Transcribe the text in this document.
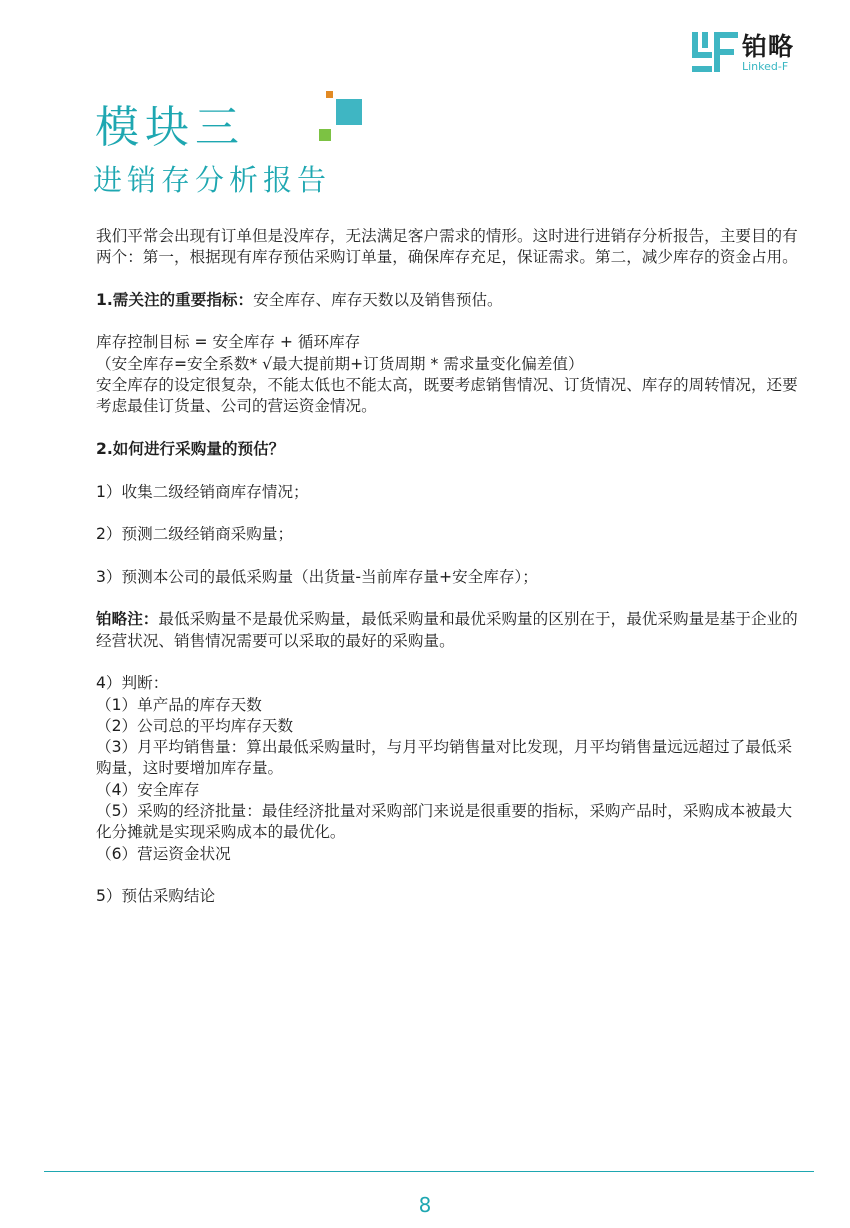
铂略
Linked-F
模块三
进销存分析报告

我们平常会出现有订单但是没库存，无法满足客户需求的情形。这时进行进销存分析报告，主要目的有两个：第一，根据现有库存预估采购订单量，确保库存充足，保证需求。第二，减少库存的资金占用。

1.需关注的重要指标：安全库存、库存天数以及销售预估。

库存控制目标 = 安全库存 + 循环库存

（安全库存=安全系数* √最大提前期+订货周期 * 需求量变化偏差值）

安全库存的设定很复杂，不能太低也不能太高，既要考虑销售情况、订货情况、库存的周转情况，还要考虑最佳订货量、公司的营运资金情况。

2.如何进行采购量的预估？

1）收集二级经销商库存情况；

2）预测二级经销商采购量；

3）预测本公司的最低采购量（出货量-当前库存量+安全库存）；

铂略注：最低采购量不是最优采购量，最低采购量和最优采购量的区别在于，最优采购量是基于企业的经营状况、销售情况需要可以采取的最好的采购量。

4）判断：

（1）单产品的库存天数

（2）公司总的平均库存天数

（3）月平均销售量：算出最低采购量时，与月平均销售量对比发现，月平均销售量远远超过了最低采购量，这时要增加库存量。

（4）安全库存

（5）采购的经济批量：最佳经济批量对采购部门来说是很重要的指标，采购产品时，采购成本被最大化分摊就是实现采购成本的最优化。

（6）营运资金状况

5）预估采购结论

8
